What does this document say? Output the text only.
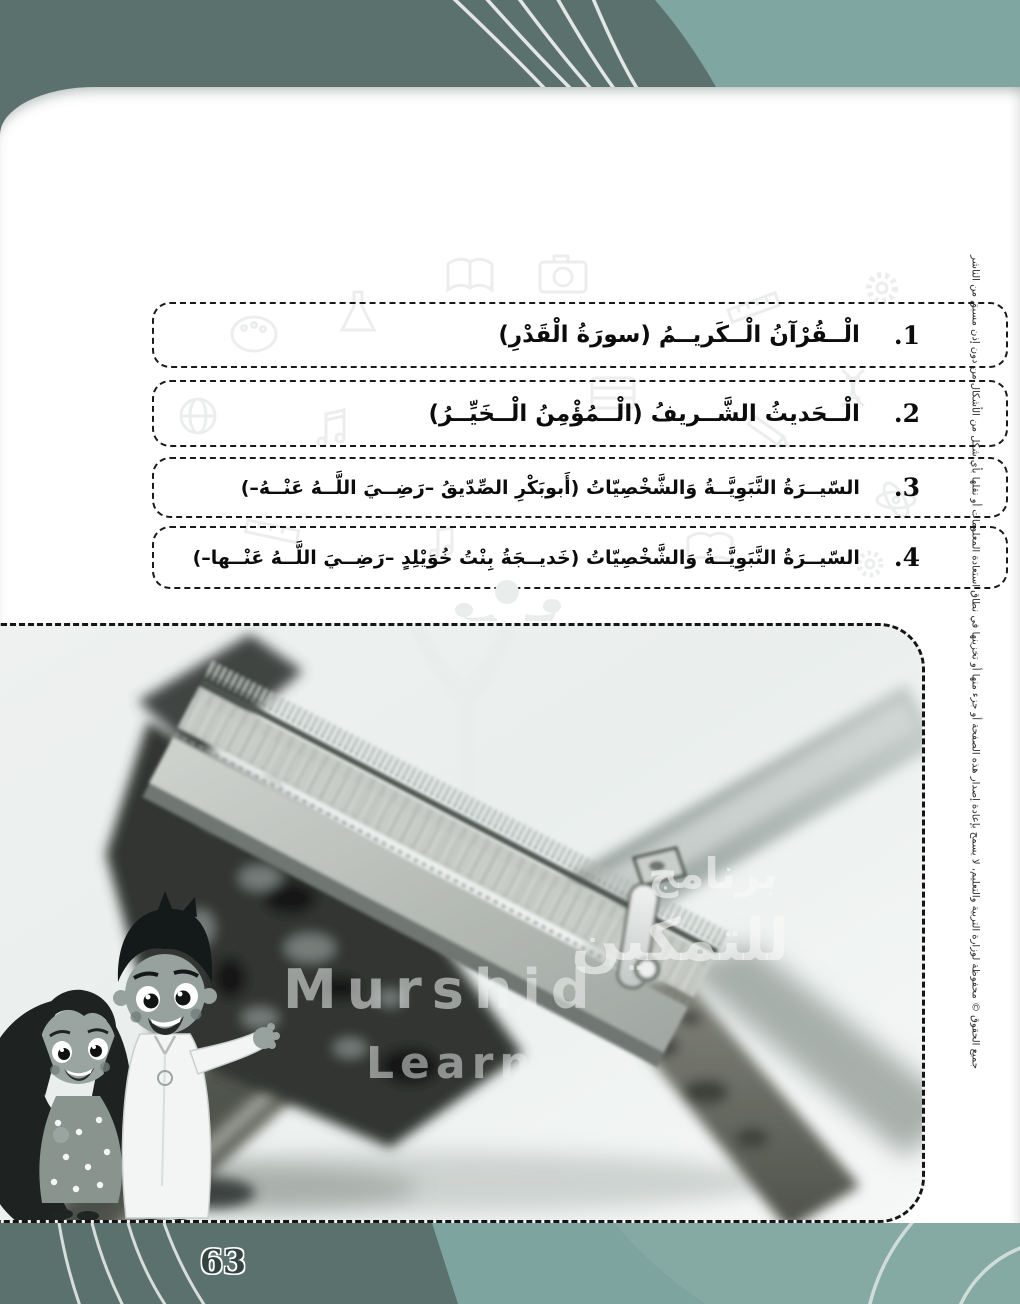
1.
الْــقُرْآنُ الْــكَريــمُ (سورَةُ الْقَدْرِ)
2.
الْــحَديثُ الشَّــريفُ (الْــمُؤْمِنُ الْــخَيِّــرُ)
3.
السّيــرَةُ النَّبَوِيَّــةُ وَالشَّخْصِيّاتُ (أَبوبَكْرِ الصِّدّيقُ –رَضِــيَ اللَّــهُ عَنْــهُ–)
4.
السّيــرَةُ النَّبَوِيَّــةُ وَالشَّخْصِيّاتُ (خَديــجَةُ بِنْتُ خُوَيْلِدٍ –رَضِــيَ اللَّــهُ عَنْــها–)
برنامج
للتمكين
Murshid
Learning	جميع الحقوق © محفوظة لوزارة التربية والتعليم، لا يسمح بإعادة إصدار هذه الصفحة أو جزء منها أو تخزينها في نطاق استعادة المعلومات أو نقلها بأي شكل من الأشكال من دون إذن مسبق من الناشر
63
